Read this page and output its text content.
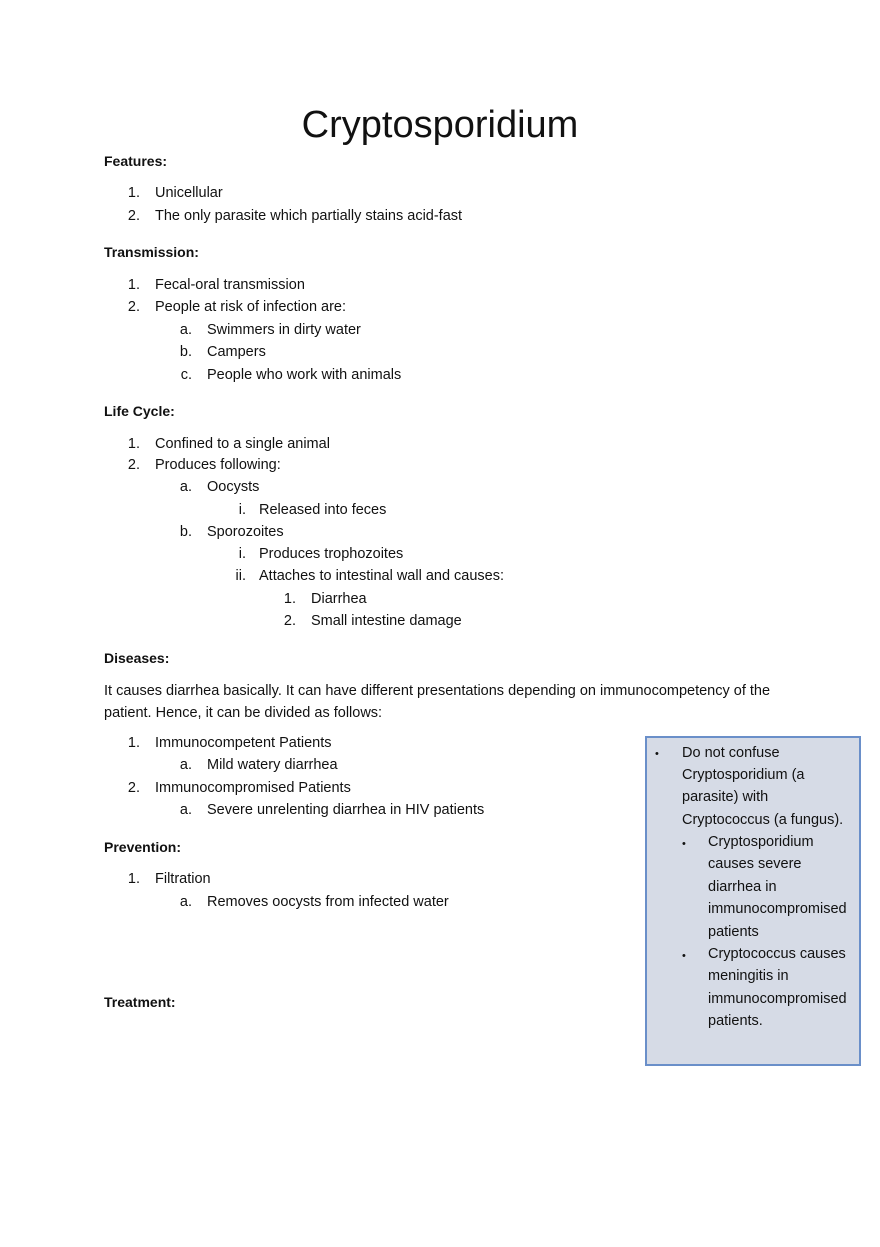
Cryptosporidium
Features:
1. Unicellular
2. The only parasite which partially stains acid-fast
Transmission:
1. Fecal-oral transmission
2. People at risk of infection are:
a. Swimmers in dirty water
b. Campers
c. People who work with animals
Life Cycle:
1. Confined to a single animal
2. Produces following:
a. Oocysts
i. Released into feces
b. Sporozoites
i. Produces trophozoites
ii. Attaches to intestinal wall and causes:
1. Diarrhea
2. Small intestine damage
Diseases:
It causes diarrhea basically. It can have different presentations depending on immunocompetency of the patient. Hence, it can be divided as follows:
1. Immunocompetent Patients
a. Mild watery diarrhea
2. Immunocompromised Patients
a. Severe unrelenting diarrhea in HIV patients
Prevention:
1. Filtration
a. Removes oocysts from infected water
Treatment:
• Do not confuse
Cryptosporidium (a
parasite) with
Cryptococcus (a fungus).
• Cryptosporidium
causes severe
diarrhea in
immunocompromised
patients
• Cryptococcus causes
meningitis in
immunocompromised
patients.
